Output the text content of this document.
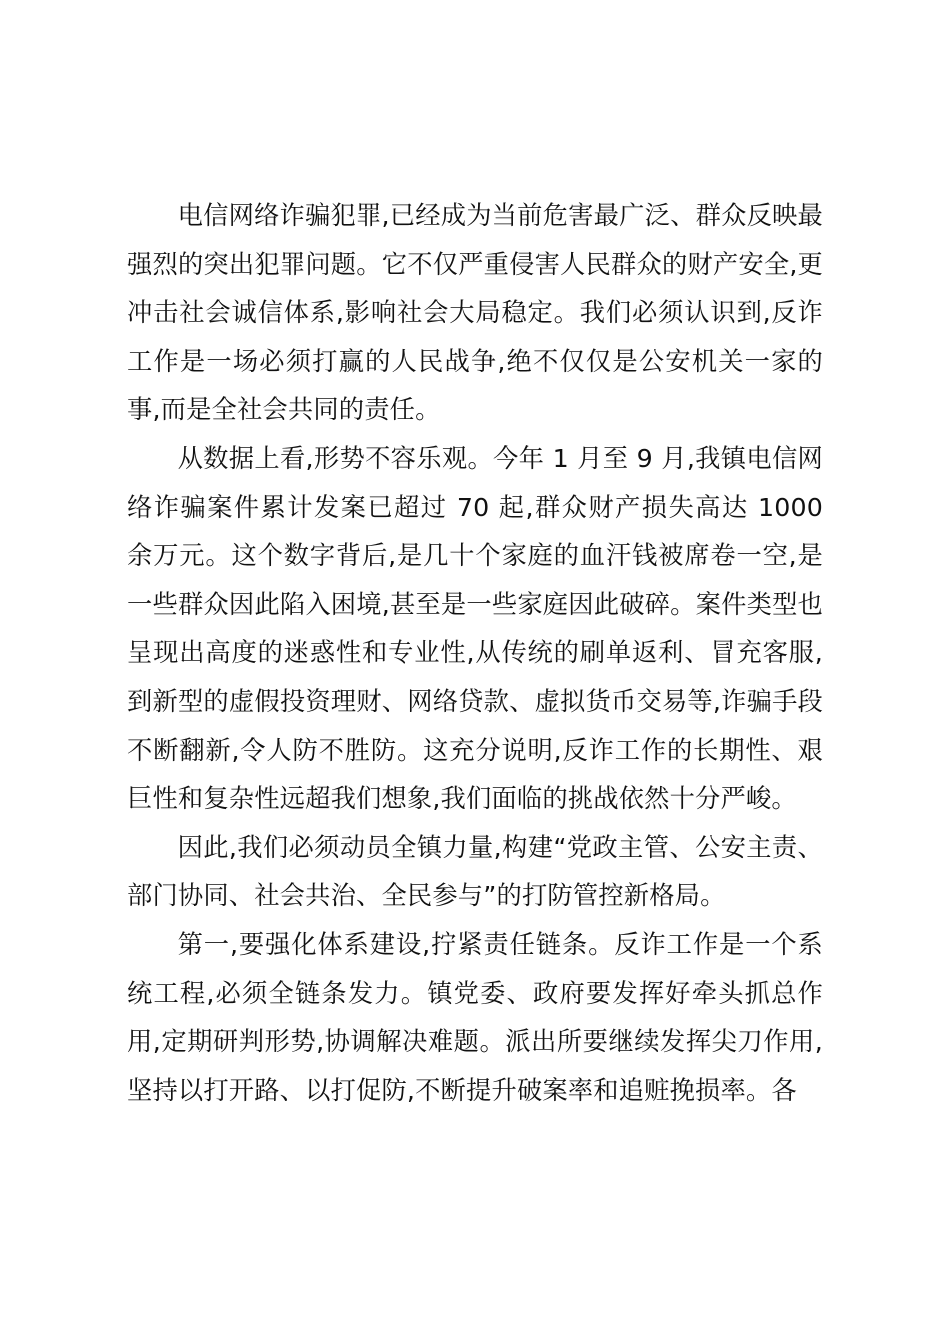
电信网络诈骗犯罪,已经成为当前危害最广泛、群众反映最强烈的突出犯罪问题。它不仅严重侵害人民群众的财产安全,更冲击社会诚信体系,影响社会大局稳定。我们必须认识到,反诈工作是一场必须打赢的人民战争,绝不仅仅是公安机关一家的事,而是全社会共同的责任。

从数据上看,形势不容乐观。今年 1 月至 9 月,我镇电信网络诈骗案件累计发案已超过 70 起,群众财产损失高达 1000 余万元。这个数字背后,是几十个家庭的血汗钱被席卷一空,是一些群众因此陷入困境,甚至是一些家庭因此破碎。案件类型也呈现出高度的迷惑性和专业性,从传统的刷单返利、冒充客服,到新型的虚假投资理财、网络贷款、虚拟货币交易等,诈骗手段不断翻新,令人防不胜防。这充分说明,反诈工作的长期性、艰巨性和复杂性远超我们想象,我们面临的挑战依然十分严峻。

因此,我们必须动员全镇力量,构建“党政主管、公安主责、部门协同、社会共治、全民参与”的打防管控新格局。

第一,要强化体系建设,拧紧责任链条。反诈工作是一个系统工程,必须全链条发力。镇党委、政府要发挥好牵头抓总作用,定期研判形势,协调解决难题。派出所要继续发挥尖刀作用,坚持以打开路、以打促防,不断提升破案率和追赃挽损率。各
